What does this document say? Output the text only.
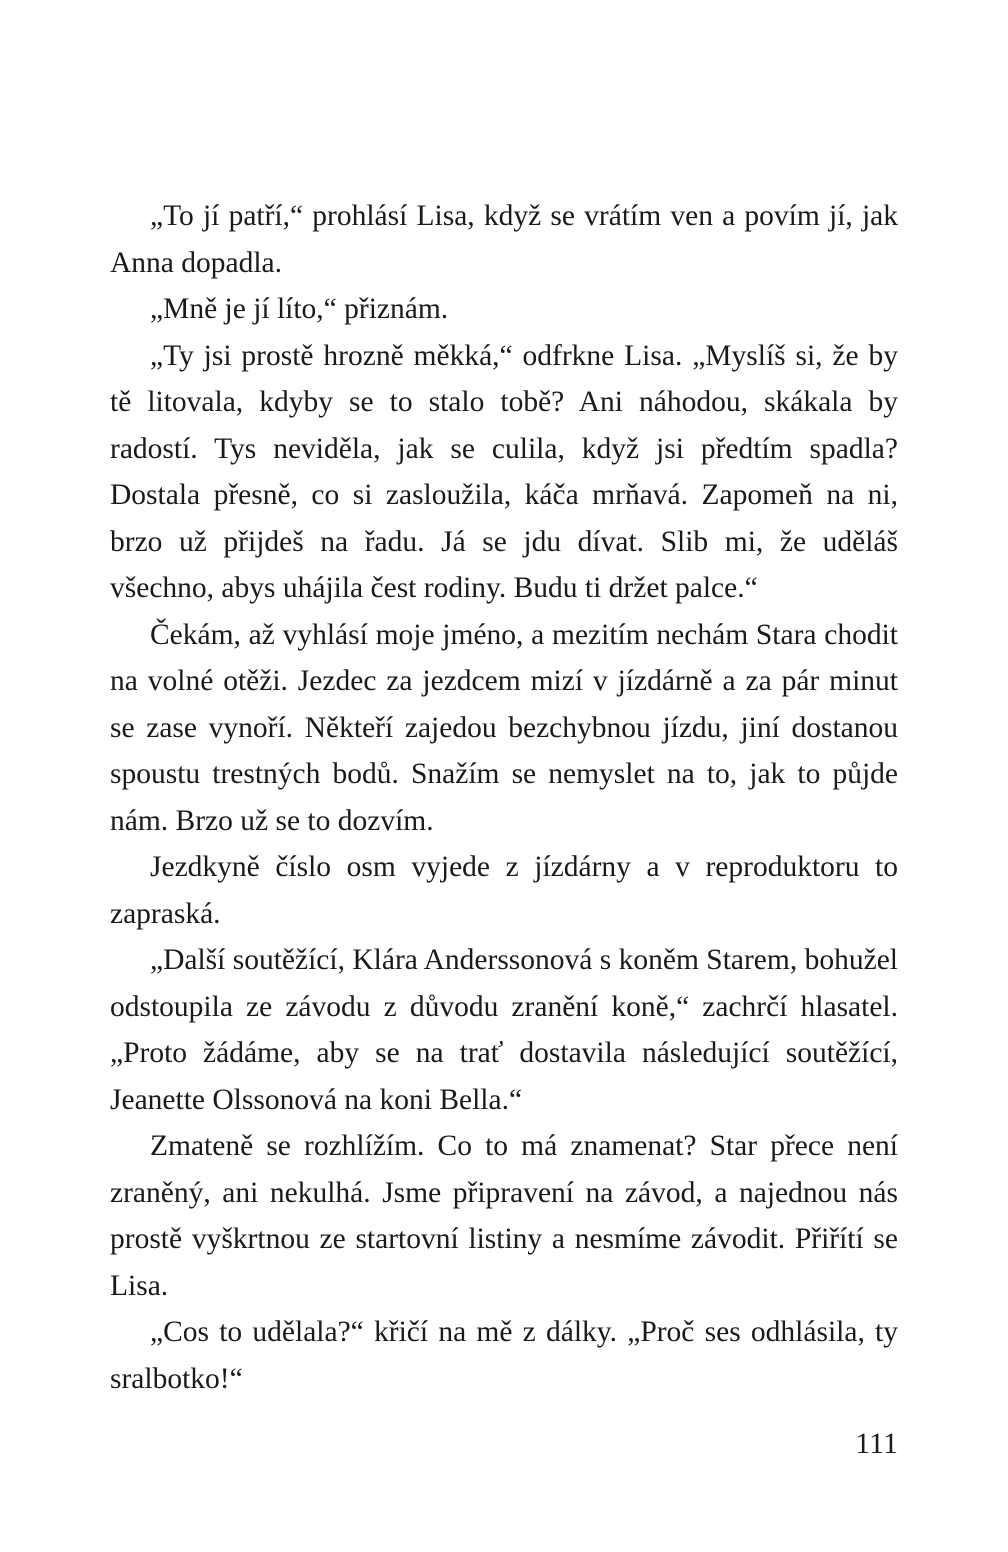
„To jí patří,“ prohlásí Lisa, když se vrátím ven a povím jí, jak Anna dopadla.

„Mně je jí líto,“ přiznám.

„Ty jsi prostě hrozně měkká,“ odfrkne Lisa. „Myslíš si, že by tě litovala, kdyby se to stalo tobě? Ani náhodou, skákala by radostí. Tys neviděla, jak se culila, když jsi předtím spadla? Dostala přesně, co si zasloužila, káča mrňavá. Zapomeň na ni, brzo už přijdeš na řadu. Já se jdu dívat. Slib mi, že uděláš všechno, abys uhájila čest rodiny. Budu ti držet palce.“

Čekám, až vyhlásí moje jméno, a mezitím nechám Stara chodit na volné otěži. Jezdec za jezdcem mizí v jízdárně a za pár minut se zase vynoří. Někteří zajedou bezchybnou jízdu, jiní dostanou spoustu trestných bodů. Snažím se nemyslet na to, jak to půjde nám. Brzo už se to dozvím.

Jezdkyně číslo osm vyjede z jízdárny a v reproduktoru to zapraská.

„Další soutěžící, Klára Anderssonová s koněm Starem, bohužel odstoupila ze závodu z důvodu zranění koně,“ zachrčí hlasatel. „Proto žádáme, aby se na trať dostavila následující soutěžící, Jeanette Olssonová na koni Bella.“

Zmateně se rozhlížím. Co to má znamenat? Star přece není zraněný, ani nekulhá. Jsme připravení na závod, a najednou nás prostě vyškrtnou ze startovní listiny a nesmíme závodit. Přiřítí se Lisa.

„Cos to udělala?“ křičí na mě z dálky. „Proč ses odhlásila, ty sralbotko!“

111
